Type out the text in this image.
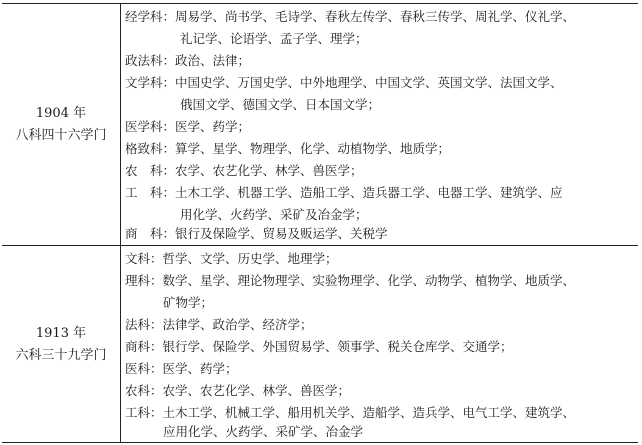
1904 年
八科四十六学门
经学科：周易学、尚书学、毛诗学、春秋左传学、春秋三传学、周礼学、仪礼学、
礼记学、论语学、孟子学、理学；
政法科：政治、法律；
文学科：中国史学、万国史学、中外地理学、中国文学、英国文学、法国文学、
俄国文学、德国文学、日本国文学；
医学科：医学、药学；
格致科：算学、星学、物理学、化学、动植物学、地质学；
农　科：农学、农艺化学、林学、兽医学；
工　科：土木工学、机器工学、造船工学、造兵器工学、电器工学、建筑学、应
用化学、火药学、采矿及冶金学；
商　科：银行及保险学、贸易及贩运学、关税学
1913 年
六科三十九学门
文科：哲学、文学、历史学、地理学；
理科：数学、星学、理论物理学、实验物理学、化学、动物学、植物学、地质学、
矿物学；
法科：法律学、政治学、经济学；
商科：银行学、保险学、外国贸易学、领事学、税关仓库学、交通学；
医科：医学、药学；
农科：农学、农艺化学、林学、兽医学；
工科：土木工学、机械工学、船用机关学、造船学、造兵学、电气工学、建筑学、
应用化学、火药学、采矿学、冶金学
